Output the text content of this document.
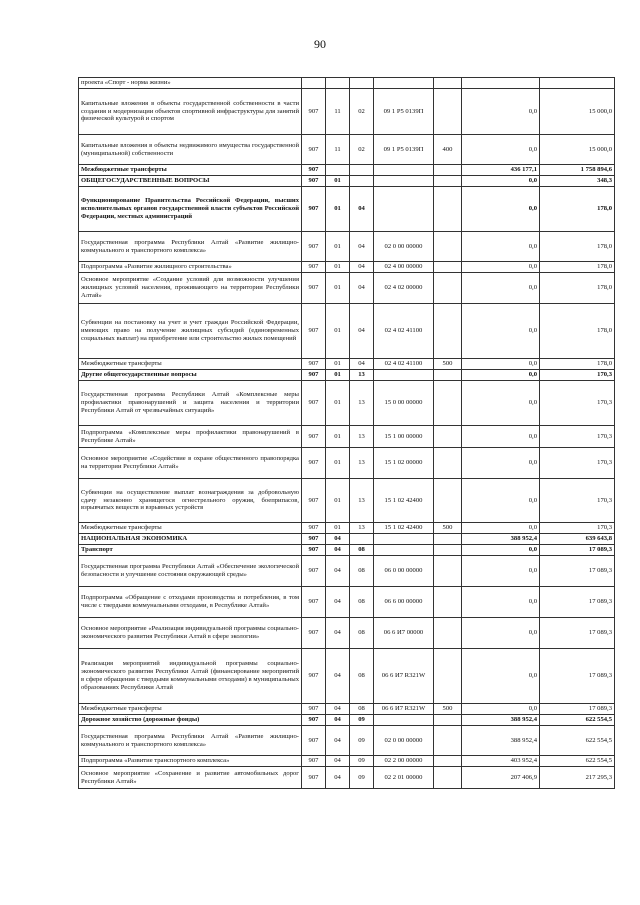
90
проекта «Спорт - норма жизни»							
Капитальные вложения в объекты государственной собственности в части создания и модернизации объектов спортивной инфраструктуры для занятий физической культурой и спортом	907	11	02	09 1 P5 0139П		0,0	15 000,0
Капитальные вложения в объекты недвижимого имущества государственной (муниципальной) собственности	907	11	02	09 1 P5 0139П	400	0,0	15 000,0
Межбюджетные трансферты	907					436 177,1	1 758 894,6
ОБЩЕГОСУДАРСТВЕННЫЕ ВОПРОСЫ	907	01				0,0	348,3
Функционирование Правительства Российской Федерации, высших исполнительных органов государственной власти субъектов Российской Федерации, местных администраций	907	01	04			0,0	178,0
Государственная программа Республики Алтай «Развитие жилищно-коммунального и транспортного комплекса»	907	01	04	02 0 00 00000		0,0	178,0
Подпрограмма «Развитие жилищного строительства»	907	01	04	02 4 00 00000		0,0	178,0
Основное мероприятие «Создание условий для возможности улучшения жилищных условий населения, проживающего на территории Республики Алтай»	907	01	04	02 4 02 00000		0,0	178,0
Субвенции на постановку на учет и учет граждан Российской Федерации, имеющих право на получение жилищных субсидий (единовременных социальных выплат) на приобретение или строительство жилых помещений	907	01	04	02 4 02 41100		0,0	178,0
Межбюджетные трансферты	907	01	04	02 4 02 41100	500	0,0	178,0
Другие общегосударственные вопросы	907	01	13			0,0	170,3
Государственная программа Республики Алтай «Комплексные меры профилактики правонарушений и защита населения и территории Республики Алтай от чрезвычайных ситуаций»	907	01	13	15 0 00 00000		0,0	170,3
Подпрограмма «Комплексные меры профилактики правонарушений в Республике Алтай»	907	01	13	15 1 00 00000		0,0	170,3
Основное мероприятие «Содействие в охране общественного правопорядка на территории Республики Алтай»	907	01	13	15 1 02 00000		0,0	170,3
Субвенции на осуществление выплат вознаграждения за добровольную сдачу незаконно хранящегося огнестрельного оружия, боеприпасов, взрывчатых веществ и взрывных устройств	907	01	13	15 1 02 42400		0,0	170,3
Межбюджетные трансферты	907	01	13	15 1 02 42400	500	0,0	170,3
НАЦИОНАЛЬНАЯ ЭКОНОМИКА	907	04				388 952,4	639 643,8
Транспорт	907	04	08			0,0	17 089,3
Государственная программа Республики Алтай «Обеспечение экологической безопасности и улучшение состояния окружающей среды»	907	04	08	06 0 00 00000		0,0	17 089,3
Подпрограмма «Обращение с отходами производства и потребления, в том числе с твердыми коммунальными отходами, в Республике Алтай»	907	04	08	06 6 00 00000		0,0	17 089,3
Основное мероприятие «Реализация индивидуальной программы социально-экономического развития Республики Алтай в сфере экологии»	907	04	08	06 6 И7 00000		0,0	17 089,3
Реализация мероприятий индивидуальной программы социально-экономического развития Республики Алтай (финансирование мероприятий в сфере обращения с твердыми коммунальными отходами) в муниципальных образованиях Республики Алтай	907	04	08	06 6 И7 R321W		0,0	17 089,3
Межбюджетные трансферты	907	04	08	06 6 И7 R321W	500	0,0	17 089,3
Дорожное хозяйство (дорожные фонды)	907	04	09			388 952,4	622 554,5
Государственная программа Республики Алтай «Развитие жилищно-коммунального и транспортного комплекса»	907	04	09	02 0 00 00000		388 952,4	622 554,5
Подпрограмма «Развитие транспортного комплекса»	907	04	09	02 2 00 00000		403 952,4	622 554,5
Основное мероприятие «Сохранение и развитие автомобильных дорог Республики Алтай»	907	04	09	02 2 01 00000		207 406,9	217 295,3
